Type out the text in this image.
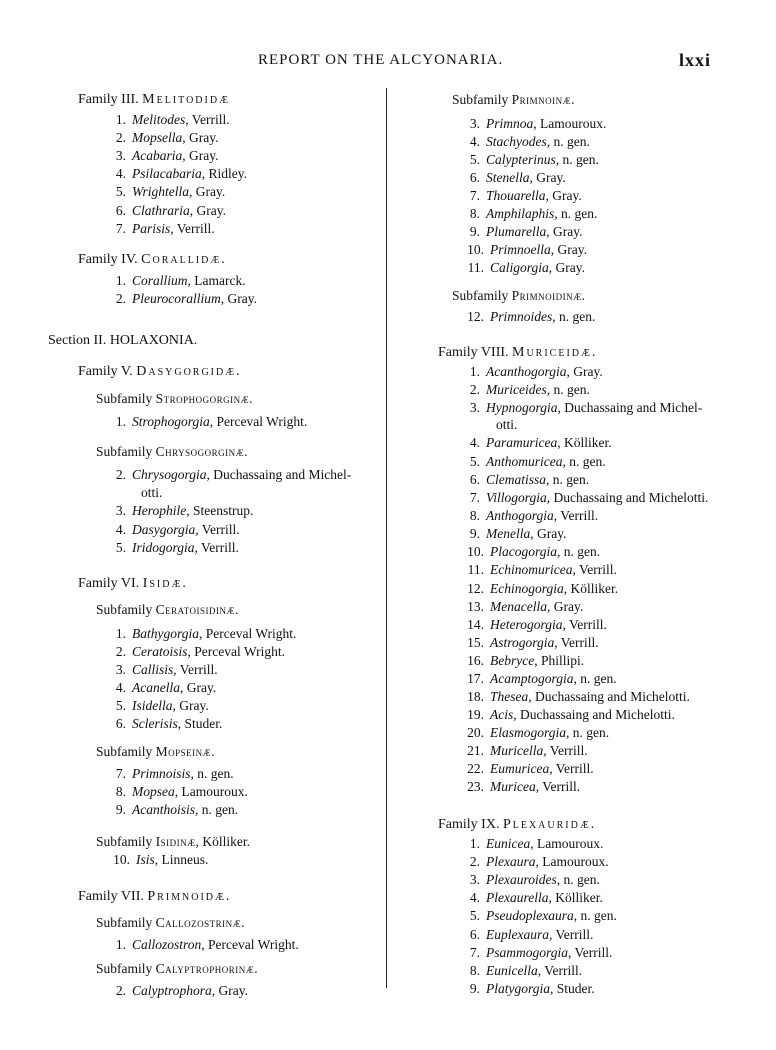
REPORT ON THE ALCYONARIA.	lxxi
Family III. Melitodidæ
1. Melitodes, Verrill.
2. Mopsella, Gray.
3. Acabaria, Gray.
4. Psilacabaria, Ridley.
5. Wrightella, Gray.
6. Clathraria, Gray.
7. Parisis, Verrill.
Family IV. Corallidæ.
1. Corallium, Lamarck.
2. Pleurocorallium, Gray.
Section II. HOLAXONIA.
Family V. Dasygorgidæ.
Subfamily Strophogorginæ.
1. Strophogorgia, Perceval Wright.
Subfamily Chrysogorginæ.
2. Chrysogorgia, Duchassaing and Michel-
otti.
3. Herophile, Steenstrup.
4. Dasygorgia, Verrill.
5. Iridogorgia, Verrill.
Family VI. Isidæ.
Subfamily Ceratoisidinæ.
1. Bathygorgia, Perceval Wright.
2. Ceratoisis, Perceval Wright.
3. Callisis, Verrill.
4. Acanella, Gray.
5. Isidella, Gray.
6. Sclerisis, Studer.
Subfamily Mopseinæ.
7. Primnoisis, n. gen.
8. Mopsea, Lamouroux.
9. Acanthoisis, n. gen.
Subfamily Isidinæ, Kölliker.
10. Isis, Linneus.
Family VII. Primnoidæ.
Subfamily Callozostrinæ.
1. Callozostron, Perceval Wright.
Subfamily Calyptrophorinæ.
2. Calyptrophora, Gray.
Subfamily Primnoinæ.
3. Primnoa, Lamouroux.
4. Stachyodes, n. gen.
5. Calypterinus, n. gen.
6. Stenella, Gray.
7. Thouarella, Gray.
8. Amphilaphis, n. gen.
9. Plumarella, Gray.
10. Primnoella, Gray.
11. Caligorgia, Gray.
Subfamily Primnoidinæ.
12. Primnoides, n. gen.
Family VIII. Muriceidæ.
1. Acanthogorgia, Gray.
2. Muriceides, n. gen.
3. Hypnogorgia, Duchassaing and Michel-
otti.
4. Paramuricea, Kölliker.
5. Anthomuricea, n. gen.
6. Clematissa, n. gen.
7. Villogorgia, Duchassaing and Michelotti.
8. Anthogorgia, Verrill.
9. Menella, Gray.
10. Placogorgia, n. gen.
11. Echinomuricea, Verrill.
12. Echinogorgia, Kölliker.
13. Menacella, Gray.
14. Heterogorgia, Verrill.
15. Astrogorgia, Verrill.
16. Bebryce, Phillipi.
17. Acamptogorgia, n. gen.
18. Thesea, Duchassaing and Michelotti.
19. Acis, Duchassaing and Michelotti.
20. Elasmogorgia, n. gen.
21. Muricella, Verrill.
22. Eumuricea, Verrill.
23. Muricea, Verrill.
Family IX. Plexauridæ.
1. Eunicea, Lamouroux.
2. Plexaura, Lamouroux.
3. Plexauroides, n. gen.
4. Plexaurella, Kölliker.
5. Pseudoplexaura, n. gen.
6. Euplexaura, Verrill.
7. Psammogorgia, Verrill.
8. Eunicella, Verrill.
9. Platygorgia, Studer.
